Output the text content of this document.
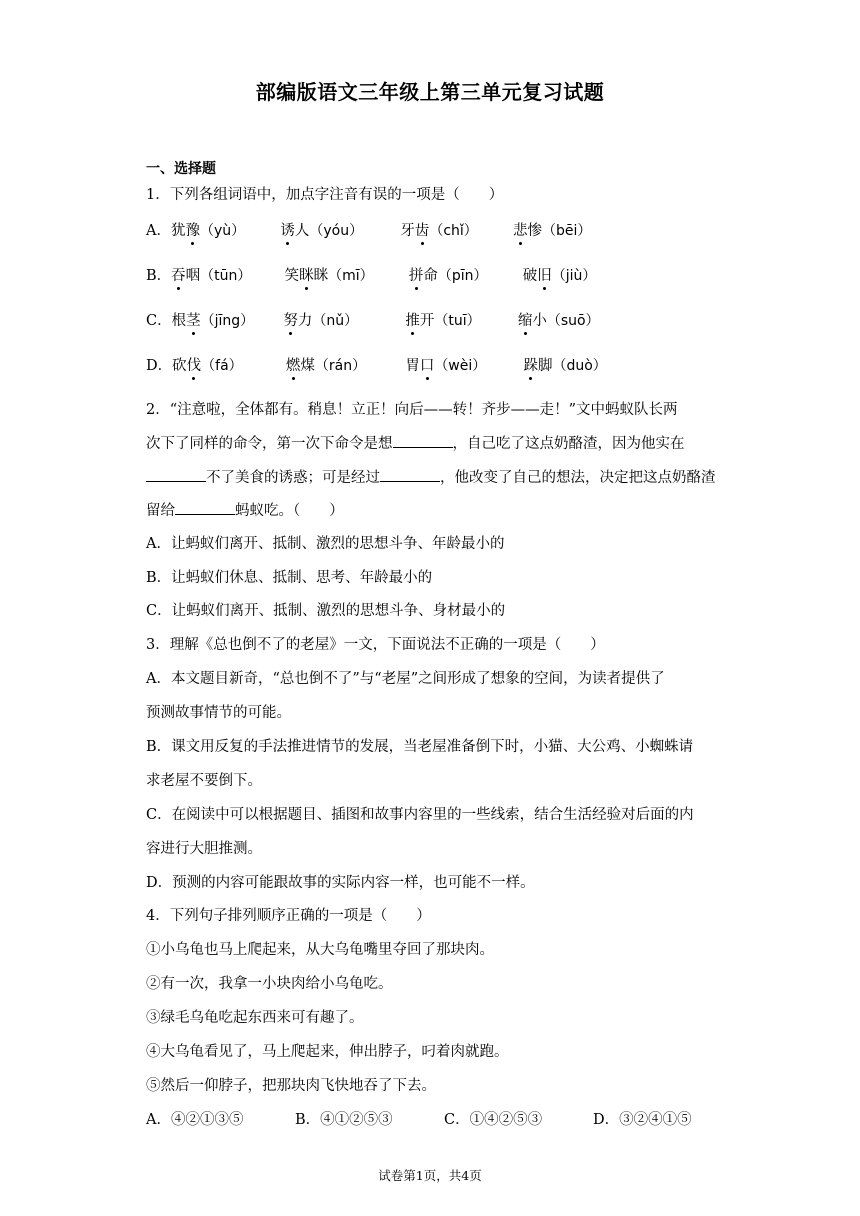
部编版语文三年级上第三单元复习试题
一、选择题
1．下列各组词语中，加点字注音有误的一项是（　　）
A．犹豫（yù） 诱人（yóu）	牙齿（chǐ） 悲惨（bēi）
B．吞咽（tūn） 笑眯眯（mī） 拼命（pīn） 破旧（jiù）
C．根茎（jīng） 努力（nǔ）	推开（tuī）	缩小（suō）
D．砍伐（fá）	燃煤（rán）	胃口（wèi）	跺脚（duò）
2．“注意啦，全体都有。稍息！立正！向后——转！齐步——走！”文中蚂蚁队长两
次下了同样的命令，第一次下命令是想	，自己吃了这点奶酪渣，因为他实在
不了美食的诱惑；可是经过	，他改变了自己的想法，决定把这点奶酪渣
留给	蚂蚁吃。（　　）
A．让蚂蚁们离开、抵制、激烈的思想斗争、年龄最小的
B．让蚂蚁们休息、抵制、思考、年龄最小的
C．让蚂蚁们离开、抵制、激烈的思想斗争、身材最小的
3．理解《总也倒不了的老屋》一文，下面说法不正确的一项是（　　）
A．本文题目新奇，“总也倒不了”与“老屋”之间形成了想象的空间，为读者提供了
预测故事情节的可能。
B．课文用反复的手法推进情节的发展，当老屋准备倒下时，小猫、大公鸡、小蜘蛛请
求老屋不要倒下。
C．在阅读中可以根据题目、插图和故事内容里的一些线索，结合生活经验对后面的内
容进行大胆推测。
D．预测的内容可能跟故事的实际内容一样，也可能不一样。
4．下列句子排列顺序正确的一项是（　　）
①小乌龟也马上爬起来，从大乌龟嘴里夺回了那块肉。
②有一次，我拿一小块肉给小乌龟吃。
③绿毛乌龟吃起东西来可有趣了。
④大乌龟看见了，马上爬起来，伸出脖子，叼着肉就跑。
⑤然后一仰脖子，把那块肉飞快地吞了下去。
A．④②①③⑤	B．④①②⑤③	C．①④②⑤③	D．③②④①⑤
试卷第1页，共4页
